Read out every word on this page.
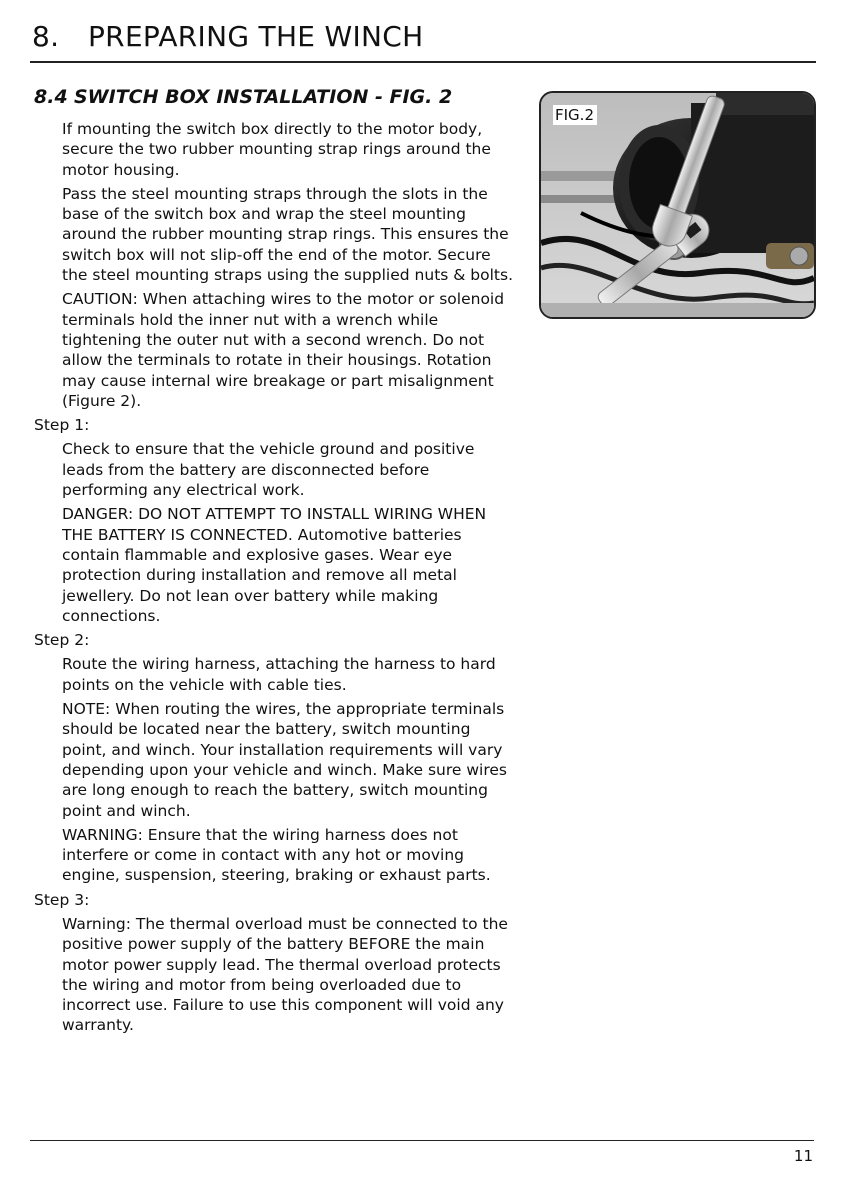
8. PREPARING THE WINCH
8.4 SWITCH BOX INSTALLATION - FIG. 2

If mounting the switch box directly to the motor body, secure the two rubber mounting strap rings around the motor housing.

Pass the steel mounting straps through the slots in the base of the switch box and wrap the steel mounting around the rubber mounting strap rings. This ensures the switch box will not slip-off the end of the motor. Secure the steel mounting straps using the supplied nuts & bolts.

CAUTION: When attaching wires to the motor or solenoid terminals hold the inner nut with a wrench while tightening the outer nut with a second wrench. Do not allow the terminals to rotate in their housings. Rotation may cause internal wire breakage or part misalignment (Figure 2).

Step 1:

Check to ensure that the vehicle ground and positive leads from the battery are disconnected before performing any electrical work.

DANGER: DO NOT ATTEMPT TO INSTALL WIRING WHEN THE BATTERY IS CONNECTED. Automotive batteries contain flammable and explosive gases. Wear eye protection during installation and remove all metal jewellery. Do not lean over battery while making connections.

Step 2:

Route the wiring harness, attaching the harness to hard points on the vehicle with cable ties.

NOTE: When routing the wires, the appropriate terminals should be located near the battery, switch mounting point, and winch. Your installation requirements will vary depending upon your vehicle and winch. Make sure wires are long enough to reach the battery, switch mounting point and winch.

WARNING: Ensure that the wiring harness does not interfere or come in contact with any hot or moving engine, suspension, steering, braking or exhaust parts.

Step 3:

Warning: The thermal overload must be connected to the positive power supply of the battery BEFORE the main motor power supply lead. The thermal overload protects the wiring and motor from being overloaded due to incorrect use. Failure to use this component will void any warranty.

FIG.2
11
